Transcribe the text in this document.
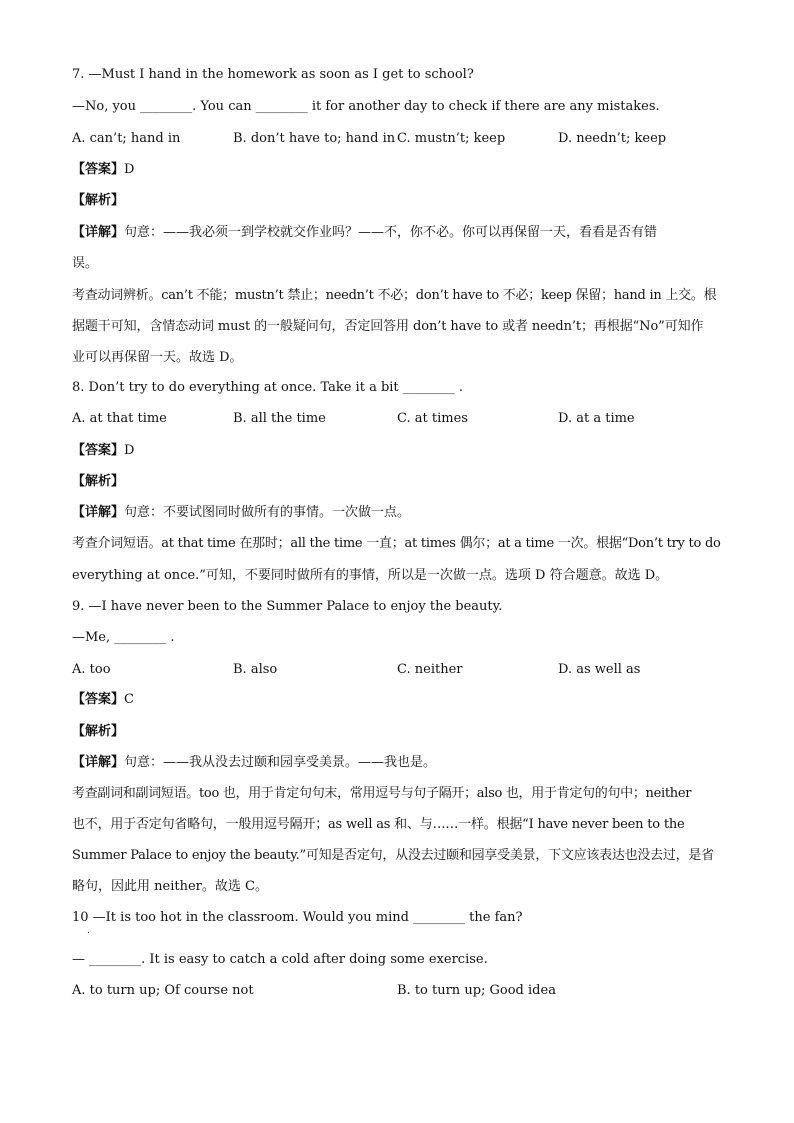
7. —Must I hand in the homework as soon as I get to school?
—No, you ________. You can ________ it for another day to check if there are any mistakes.
A. can’t; hand in	B. don’t have to; hand in C. mustn’t; keep	D. needn’t; keep
【答案】D
【解析】
【详解】句意：——我必须一到学校就交作业吗？——不，你不必。你可以再保留一天，看看是否有错
误。
考查动词辨析。can’t 不能；mustn’t 禁止；needn’t 不必；don’t have to 不必；keep 保留；hand in 上交。根
据题干可知，含情态动词 must 的一般疑问句，否定回答用 don’t have to 或者 needn’t；再根据“No”可知作
业可以再保留一天。故选 D。
8. Don’t try to do everything at once. Take it a bit ________ .
A. at that time	B. all the time	C. at times	D. at a time
【答案】D
【解析】
【详解】句意：不要试图同时做所有的事情。一次做一点。
考查介词短语。at that time 在那时；all the time 一直；at times 偶尔；at a time 一次。根据“Don’t try to do
everything at once.”可知，不要同时做所有的事情，所以是一次做一点。选项 D 符合题意。故选 D。
9. —I have never been to the Summer Palace to enjoy the beauty.
—Me, ________ .
A. too	B. also	C. neither	D. as well as
【答案】C
【解析】
【详解】句意：——我从没去过颐和园享受美景。——我也是。
考查副词和副词短语。too 也，用于肯定句句末，常用逗号与句子隔开；also 也，用于肯定句的句中；neither
也不，用于否定句省略句，一般用逗号隔开；as well as 和、与……一样。根据“I have never been to the
Summer Palace to enjoy the beauty.”可知是否定句，从没去过颐和园享受美景，下文应该表达也没去过，是省
略句，因此用 neither。故选 C。
10 —It is too hot in the classroom. Would you mind ________ the fan?
.
— ________. It is easy to catch a cold after doing some exercise.
A. to turn up; Of course not	B. to turn up; Good idea
